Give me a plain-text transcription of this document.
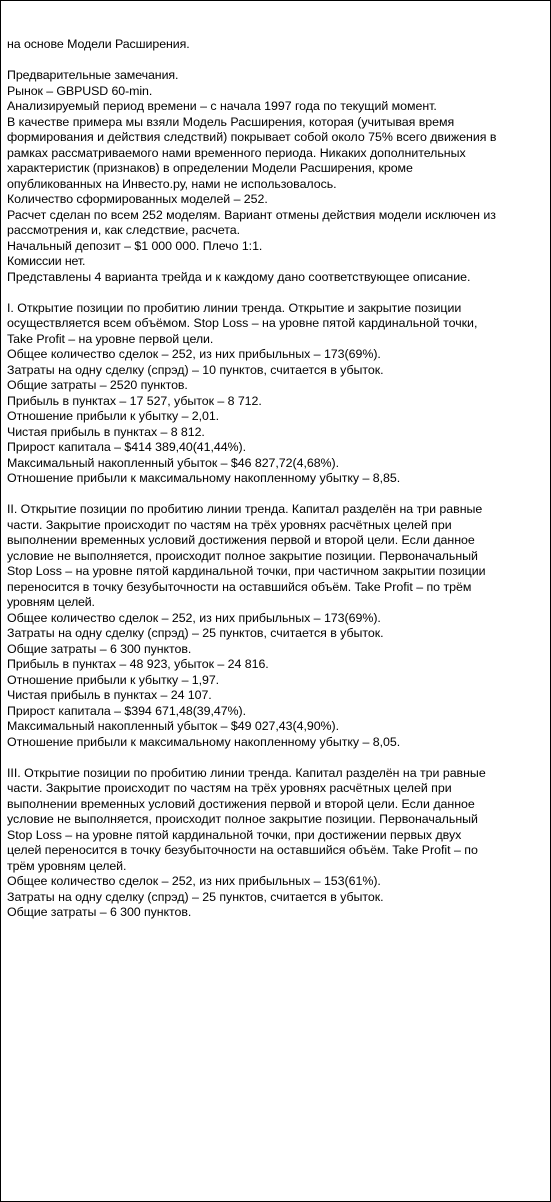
на основе Модели Расширения.
Предварительные замечания.
Рынок – GBPUSD 60-min.
Анализируемый период времени – с начала 1997 года по текущий момент.
В качестве примера мы взяли Модель Расширения, которая (учитывая время
формирования и действия следствий) покрывает собой около 75% всего движения в
рамках рассматриваемого нами временного периода. Никаких дополнительных
характеристик (признаков) в определении Модели Расширения, кроме
опубликованных на Инвесто.ру, нами не использовалось.
Количество сформированных моделей – 252.
Расчет сделан по всем 252 моделям. Вариант отмены действия модели исключен из
рассмотрения и, как следствие, расчета.
Начальный депозит – $1 000 000. Плечо 1:1.
Комиссии нет.
Представлены 4 варианта трейда и к каждому дано соответствующее описание.
I. Открытие позиции по пробитию линии тренда. Открытие и закрытие позиции
осуществляется всем объёмом. Stop Loss – на уровне пятой кардинальной точки,
Take Profit – на уровне первой цели.
Общее количество сделок – 252, из них прибыльных – 173(69%).
Затраты на одну сделку (спрэд) – 10 пунктов, считается в убыток.
Общие затраты – 2520 пунктов.
Прибыль в пунктах – 17 527, убыток – 8 712.
Отношение прибыли к убытку – 2,01.
Чистая прибыль в пунктах – 8 812.
Прирост капитала – $414 389,40(41,44%).
Максимальный накопленный убыток – $46 827,72(4,68%).
Отношение прибыли к максимальному накопленному убытку – 8,85.
II. Открытие позиции по пробитию линии тренда. Капитал разделён на три равные
части. Закрытие происходит по частям на трёх уровнях расчётных целей при
выполнении временных условий достижения первой и второй цели. Если данное
условие не выполняется, происходит полное закрытие позиции. Первоначальный
Stop Loss – на уровне пятой кардинальной точки, при частичном закрытии позиции
переносится в точку безубыточности на оставшийся объём. Take Profit – по трём
уровням целей.
Общее количество сделок – 252, из них прибыльных – 173(69%).
Затраты на одну сделку (спрэд) – 25 пунктов, считается в убыток.
Общие затраты – 6 300 пунктов.
Прибыль в пунктах – 48 923, убыток – 24 816.
Отношение прибыли к убытку – 1,97.
Чистая прибыль в пунктах – 24 107.
Прирост капитала – $394 671,48(39,47%).
Максимальный накопленный убыток – $49 027,43(4,90%).
Отношение прибыли к максимальному накопленному убытку – 8,05.
III. Открытие позиции по пробитию линии тренда. Капитал разделён на три равные
части. Закрытие происходит по частям на трёх уровнях расчётных целей при
выполнении временных условий достижения первой и второй цели. Если данное
условие не выполняется, происходит полное закрытие позиции. Первоначальный
Stop Loss – на уровне пятой кардинальной точки, при достижении первых двух
целей переносится в точку безубыточности на оставшийся объём. Take Profit – по
трём уровням целей.
Общее количество сделок – 252, из них прибыльных – 153(61%).
Затраты на одну сделку (спрэд) – 25 пунктов, считается в убыток.
Общие затраты – 6 300 пунктов.
